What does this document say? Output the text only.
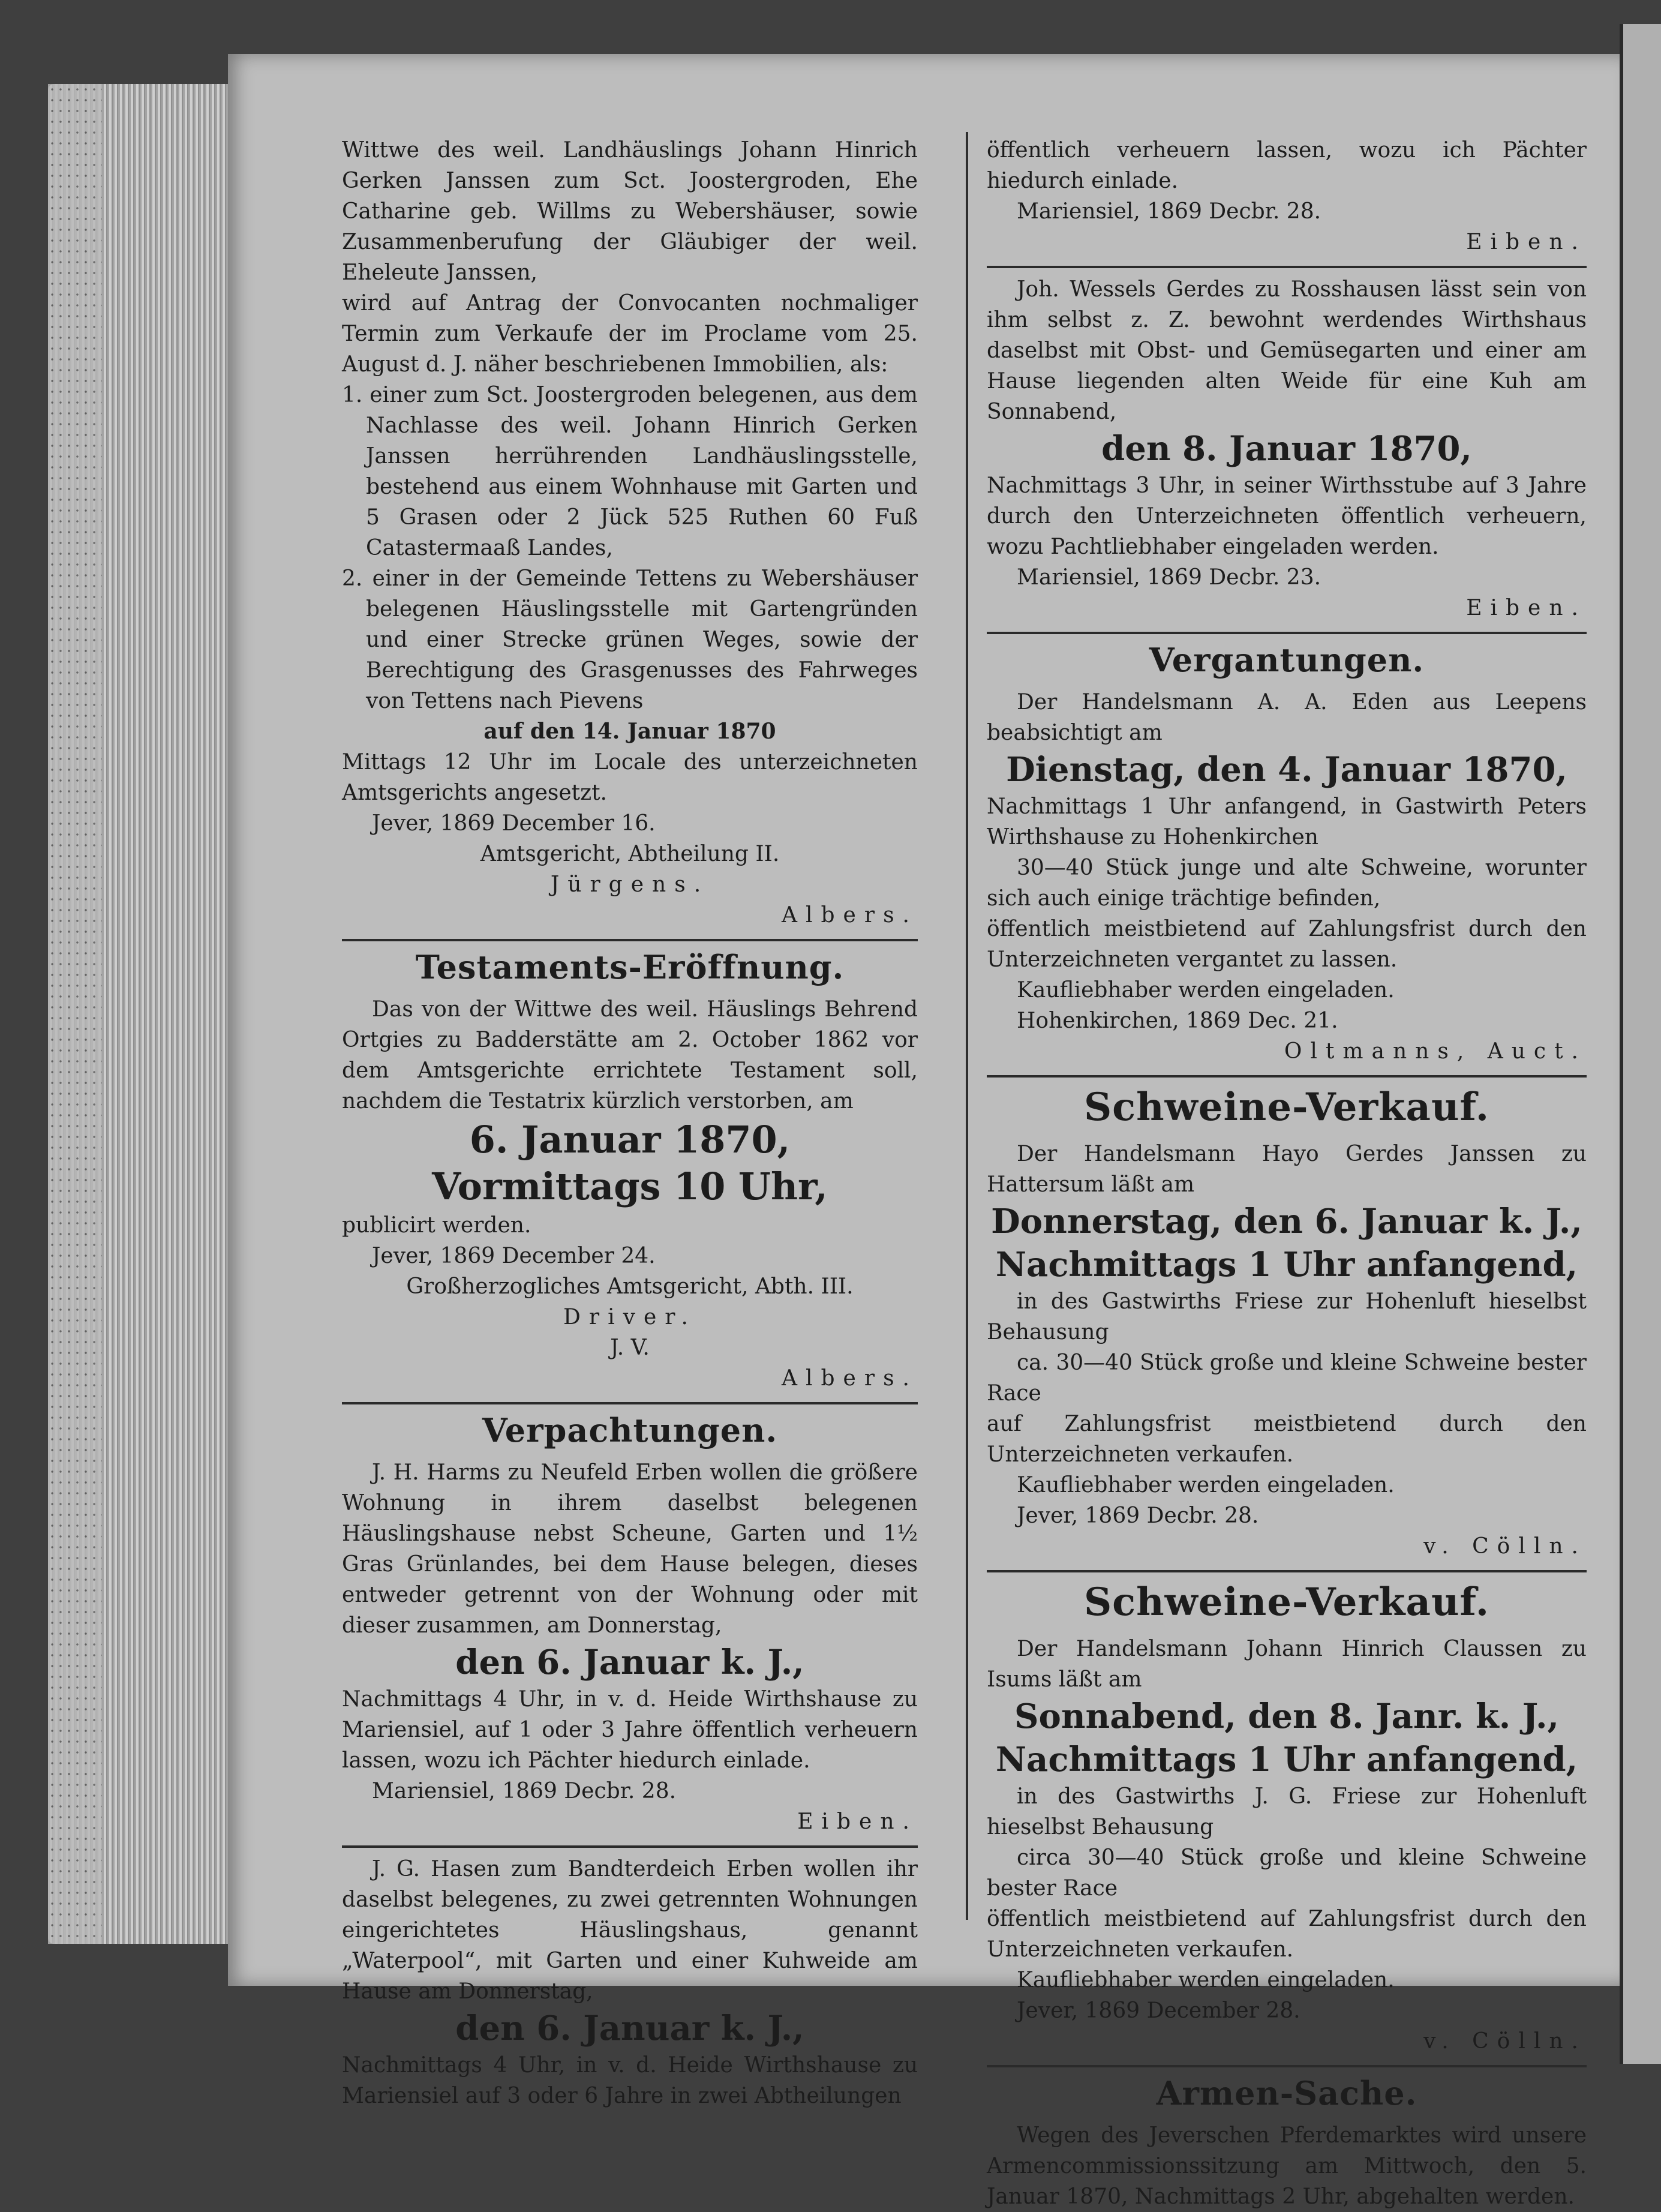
Wittwe des weil. Landhäuslings Johann Hinrich Gerken Janssen zum Sct. Joostergroden, Ehe Catharine geb. Willms zu Webershäuser, sowie Zusammenberufung der Gläubiger der weil. Eheleute Janssen,

wird auf Antrag der Convocanten nochmaliger Termin zum Verkaufe der im Proclame vom 25. August d. J. näher beschriebenen Immobilien, als:

1. einer zum Sct. Joostergroden belegenen, aus dem Nachlasse des weil. Johann Hinrich Gerken Janssen herrührenden Landhäuslingsstelle, bestehend aus einem Wohnhause mit Garten und 5 Grasen oder 2 Jück 525 Ruthen 60 Fuß Catastermaaß Landes,

2. einer in der Gemeinde Tettens zu Webershäuser belegenen Häuslingsstelle mit Gartengründen und einer Strecke grünen Weges, sowie der Berechtigung des Grasgenusses des Fahrweges von Tettens nach Pievens

auf den 14. Januar 1870

Mittags 12 Uhr im Locale des unterzeichneten Amtsgerichts angesetzt.

Jever, 1869 December 16.

Amtsgericht, Abtheilung II.

Jürgens.

Albers.

Testaments-Eröffnung.

Das von der Wittwe des weil. Häuslings Behrend Ortgies zu Badderstätte am 2. October 1862 vor dem Amtsgerichte errichtete Testament soll, nachdem die Testatrix kürzlich verstorben, am

6. Januar 1870,

Vormittags 10 Uhr,

publicirt werden.

Jever, 1869 December 24.

Großherzogliches Amtsgericht, Abth. III.

Driver.

J. V.

Albers.

Verpachtungen.

J. H. Harms zu Neufeld Erben wollen die größere Wohnung in ihrem daselbst belegenen Häuslingshause nebst Scheune, Garten und 1½ Gras Grünlandes, bei dem Hause belegen, dieses entweder getrennt von der Wohnung oder mit dieser zusammen, am Donnerstag,

den 6. Januar k. J.,

Nachmittags 4 Uhr, in v. d. Heide Wirthshause zu Mariensiel, auf 1 oder 3 Jahre öffentlich verheuern lassen, wozu ich Pächter hiedurch einlade.

Mariensiel, 1869 Decbr. 28.

Eiben.

J. G. Hasen zum Bandterdeich Erben wollen ihr daselbst belegenes, zu zwei getrennten Wohnungen eingerichtetes Häuslingshaus, genannt „Waterpool“, mit Garten und einer Kuhweide am Hause am Donnerstag,

den 6. Januar k. J.,

Nachmittags 4 Uhr, in v. d. Heide Wirthshause zu Mariensiel auf 3 oder 6 Jahre in zwei Abtheilungen

öffentlich verheuern lassen, wozu ich Pächter hiedurch einlade.

Mariensiel, 1869 Decbr. 28.

Eiben.

Joh. Wessels Gerdes zu Rosshausen lässt sein von ihm selbst z. Z. bewohnt werdendes Wirthshaus daselbst mit Obst- und Gemüsegarten und einer am Hause liegenden alten Weide für eine Kuh am Sonnabend,

den 8. Januar 1870,

Nachmittags 3 Uhr, in seiner Wirthsstube auf 3 Jahre durch den Unterzeichneten öffentlich verheuern, wozu Pachtliebhaber eingeladen werden.

Mariensiel, 1869 Decbr. 23.

Eiben.

Vergantungen.

Der Handelsmann A. A. Eden aus Leepens beabsichtigt am

Dienstag, den 4. Januar 1870,

Nachmittags 1 Uhr anfangend, in Gastwirth Peters Wirthshause zu Hohenkirchen

30—40 Stück junge und alte Schweine, worunter sich auch einige trächtige befinden,

öffentlich meistbietend auf Zahlungsfrist durch den Unterzeichneten vergantet zu lassen.

Kaufliebhaber werden eingeladen.

Hohenkirchen, 1869 Dec. 21.

Oltmanns, Auct.

Schweine-Verkauf.

Der Handelsmann Hayo Gerdes Janssen zu Hattersum läßt am

Donnerstag, den 6. Januar k. J.,

Nachmittags 1 Uhr anfangend,

in des Gastwirths Friese zur Hohenluft hieselbst Behausung

ca. 30—40 Stück große und kleine Schweine bester Race

auf Zahlungsfrist meistbietend durch den Unterzeichneten verkaufen.

Kaufliebhaber werden eingeladen.

Jever, 1869 Decbr. 28.

v. Cölln.

Schweine-Verkauf.

Der Handelsmann Johann Hinrich Claussen zu Isums läßt am

Sonnabend, den 8. Janr. k. J.,

Nachmittags 1 Uhr anfangend,

in des Gastwirths J. G. Friese zur Hohenluft hieselbst Behausung

circa 30—40 Stück große und kleine Schweine bester Race

öffentlich meistbietend auf Zahlungsfrist durch den Unterzeichneten verkaufen.

Kaufliebhaber werden eingeladen.

Jever, 1869 December 28.

v. Cölln.

Armen-Sache.

Wegen des Jeverschen Pferdemarktes wird unsere Armencommissionssitzung am Mittwoch, den 5. Januar 1870, Nachmittags 2 Uhr, abgehalten werden.
